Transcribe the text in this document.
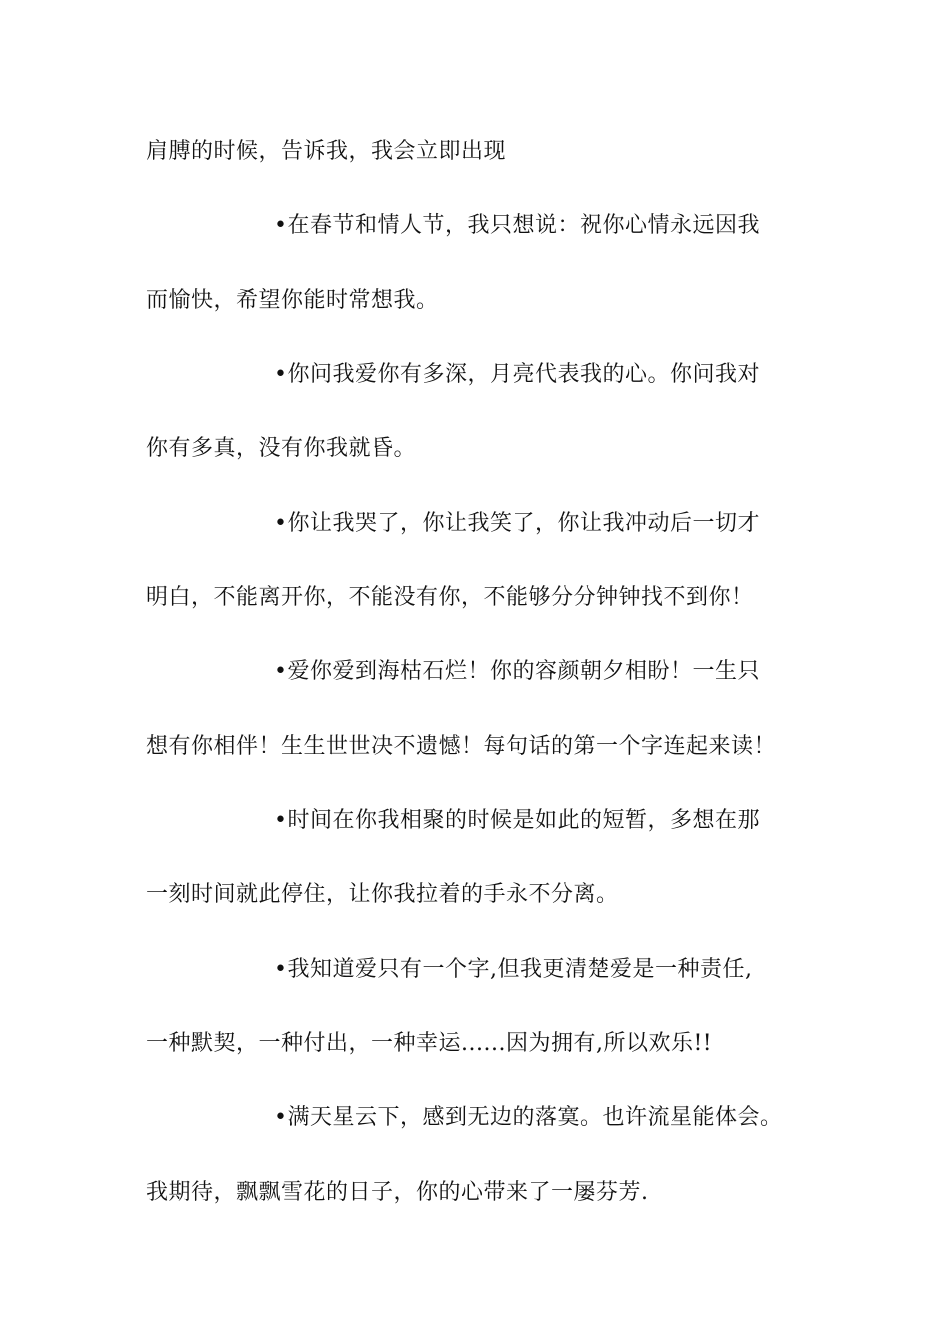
肩膊的时候，告诉我，我会立即出现
•在春节和情人节，我只想说：祝你心情永远因我
而愉快，希望你能时常想我。
•你问我爱你有多深，月亮代表我的心。你问我对
你有多真，没有你我就昏。
•你让我哭了，你让我笑了，你让我冲动后一切才
明白，不能离开你，不能没有你，不能够分分钟钟找不到你！
•爱你爱到海枯石烂！你的容颜朝夕相盼！一生只
想有你相伴！生生世世决不遗憾！每句话的第一个字连起来读！
•时间在你我相聚的时候是如此的短暂，多想在那
一刻时间就此停住，让你我拉着的手永不分离。
•我知道爱只有一个字,但我更清楚爱是一种责任,
一种默契，一种付出，一种幸运......因为拥有,所以欢乐!!
•满天星云下，感到无边的落寞。也许流星能体会。
我期待，飘飘雪花的日子，你的心带来了一屡芬芳.
